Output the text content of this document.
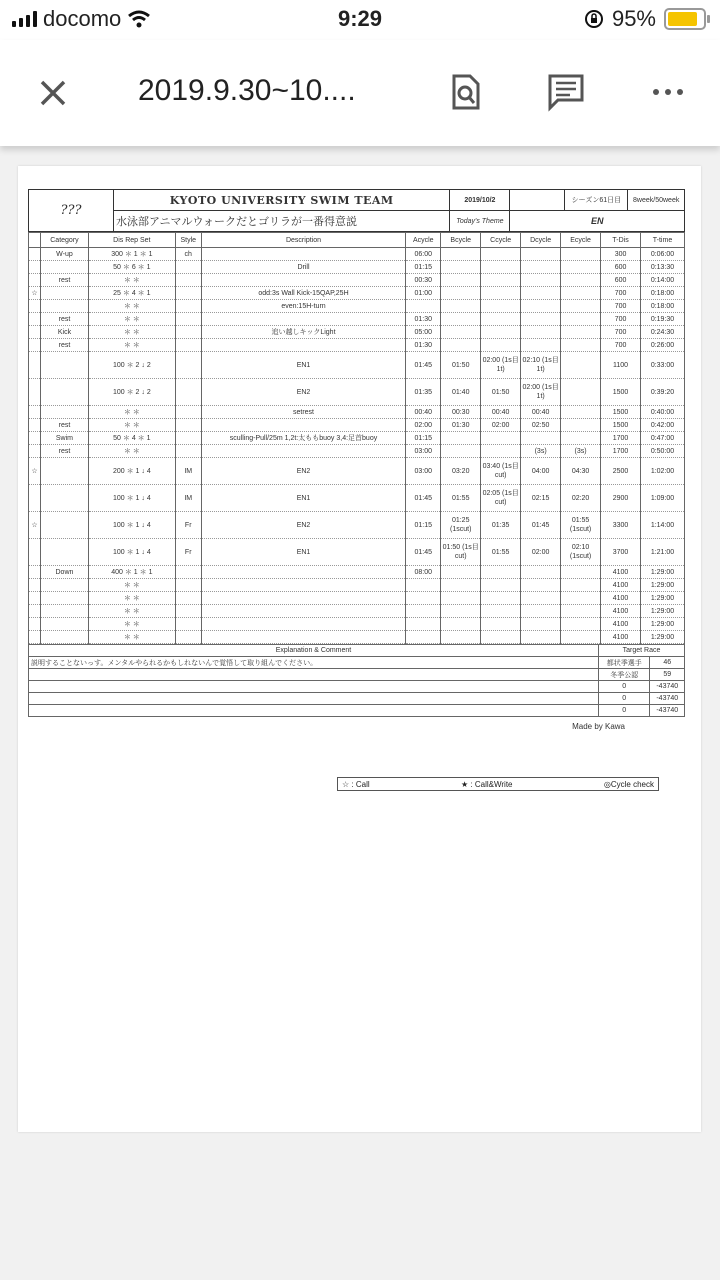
docomo	9:29	95%
2019.9.30~10....
???	KYOTO UNIVERSITY SWIM TEAM	2019/10/2		シーズン61日目	8week/50week
	水泳部アニマルウォークだとゴリラが一番得意説	Today's Theme	EN		
	Category	Dis Rep Set	Style	Description	Acycle	Bcycle	Ccycle	Dcycle	Ecycle	T-Dis	T-time
	W-up	300 ＊ 1 ＊ 1	ch		06:00					300	0:06:00
		50 ＊ 6 ＊ 1		Drill	01:15					600	0:13:30
	rest	＊ ＊			00:30					600	0:14:00
☆		25 ＊ 4 ＊ 1		odd:3s Wall Kick-15QAP,25H	01:00					700	0:18:00
		＊ ＊		even:15H-turn						700	0:18:00
	rest	＊ ＊			01:30					700	0:19:30
	Kick	＊ ＊		追い越しキックLight	05:00					700	0:24:30
	rest	＊ ＊			01:30					700	0:26:00
		100 ＊ 2 ↓ 2		EN1	01:45	01:50	02:00 (1s目1t)	02:10 (1s目1t)		1100	0:33:00
		100 ＊ 2 ↓ 2		EN2	01:35	01:40	01:50	02:00 (1s目1t)		1500	0:39:20
		＊ ＊		setrest	00:40	00:30	00:40	00:40		1500	0:40:00
	rest	＊ ＊			02:00	01:30	02:00	02:50		1500	0:42:00
	Swim	50 ＊ 4 ＊ 1		sculling-Pull/25m 1,2t:太ももbuoy 3,4:足首buoy	01:15					1700	0:47:00
	rest	＊ ＊			03:00			(3s)	(3s)	1700	0:50:00
☆		200 ＊ 1 ↓ 4	IM	EN2	03:00	03:20	03:40 (1s目cut)	04:00	04:30	2500	1:02:00
		100 ＊ 1 ↓ 4	IM	EN1	01:45	01:55	02:05 (1s目cut)	02:15	02:20	2900	1:09:00
☆		100 ＊ 1 ↓ 4	Fr	EN2	01:15	01:25 (1scut)	01:35	01:45	01:55 (1scut)	3300	1:14:00
		100 ＊ 1 ↓ 4	Fr	EN1	01:45	01:50 (1s目cut)	01:55	02:00	02:10 (1scut)	3700	1:21:00
	Down	400 ＊ 1 ＊ 1			08:00					4100	1:29:00
		＊ ＊								4100	1:29:00
		＊ ＊								4100	1:29:00
		＊ ＊								4100	1:29:00
		＊ ＊								4100	1:29:00
		＊ ＊								4100	1:29:00
Explanation & Comment	Target Race	
説明することないっす。メンタルやられるかもしれないんで覚悟して取り組んでください。	都状季選手	46
	冬季公認	59
	0	-43740
	0	-43740
	0	-43740
Made by Kawa
☆ : Call	★ : Call&Write	◎Cycle check
